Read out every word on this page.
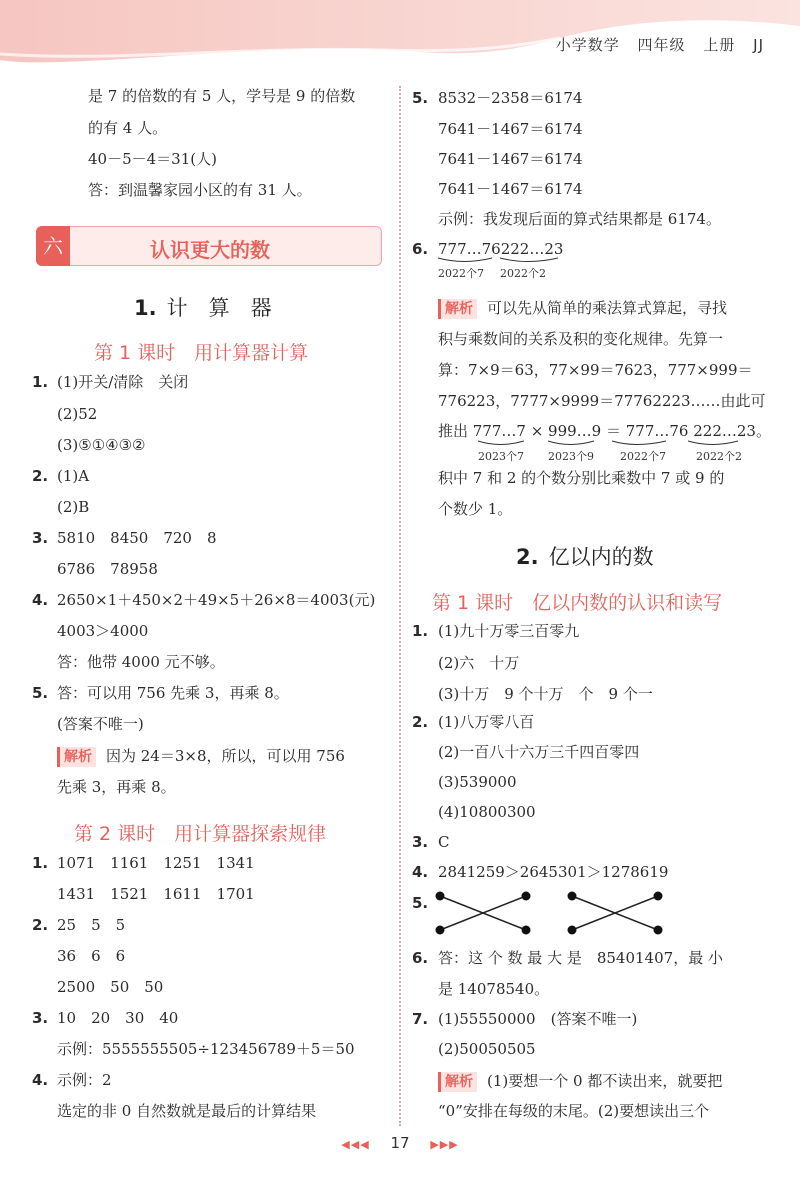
小学数学 四年级 上册 JJ
是 7 的倍数的有 5 人，学号是 9 的倍数
的有 4 人。
40－5－4＝31(人)
答：到温馨家园小区的有 31 人。
六	认识更大的数
1. 计　算　器
第 1 课时　用计算器计算
1. (1)开关/清除　关闭
(2)52
(3)⑤①④③②
2. (1)A
(2)B
3. 5810　8450　720　8
6786　78958
4. 2650×1＋450×2＋49×5＋26×8＝4003(元)
4003＞4000
答：他带 4000 元不够。
5. 答：可以用 756 先乘 3，再乘 8。
(答案不唯一)
解析 因为 24＝3×8，所以，可以用 756
先乘 3，再乘 8。
第 2 课时　用计算器探索规律
1. 1071　1161　1251　1341
1431　1521　1611　1701
2. 25　5　5
36　6　6
2500　50　50
3. 10　20　30　40
示例：5555555505÷123456789＋5＝50
4. 示例：2
选定的非 0 自然数就是最后的计算结果
5. 8532－2358＝6174
7641－1467＝6174
7641－1467＝6174
7641－1467＝6174
示例：我发现后面的算式结果都是 6174。
6. 777…76222…23
2022个7 2022个2
解析 可以先从简单的乘法算式算起，寻找
积与乘数间的关系及积的变化规律。先算一
算：7×9＝63，77×99＝7623，777×999＝
776223，7777×9999＝77762223……由此可
推出 777…7 × 999…9 ＝ 777…76 222…23。
2023个7 2023个9 2022个7	2022个2
积中 7 和 2 的个数分别比乘数中 7 或 9 的
个数少 1。
2. 亿以内的数
第 1 课时　亿以内数的认识和读写
1. (1)九十万零三百零九
(2)六　十万
(3)十万　9 个十万　个　9 个一
2. (1)八万零八百
(2)一百八十六万三千四百零四
(3)539000
(4)10800300
3. C
4. 2841259＞2645301＞1278619
5.
6. 答：这 个 数 最 大 是　85401407，最 小
是 14078540。
7. (1)55550000　(答案不唯一)
(2)50050505
解析 (1)要想一个 0 都不读出来，就要把
“0”安排在每级的末尾。(2)要想读出三个
◀◀◀ 17 ▶▶▶
